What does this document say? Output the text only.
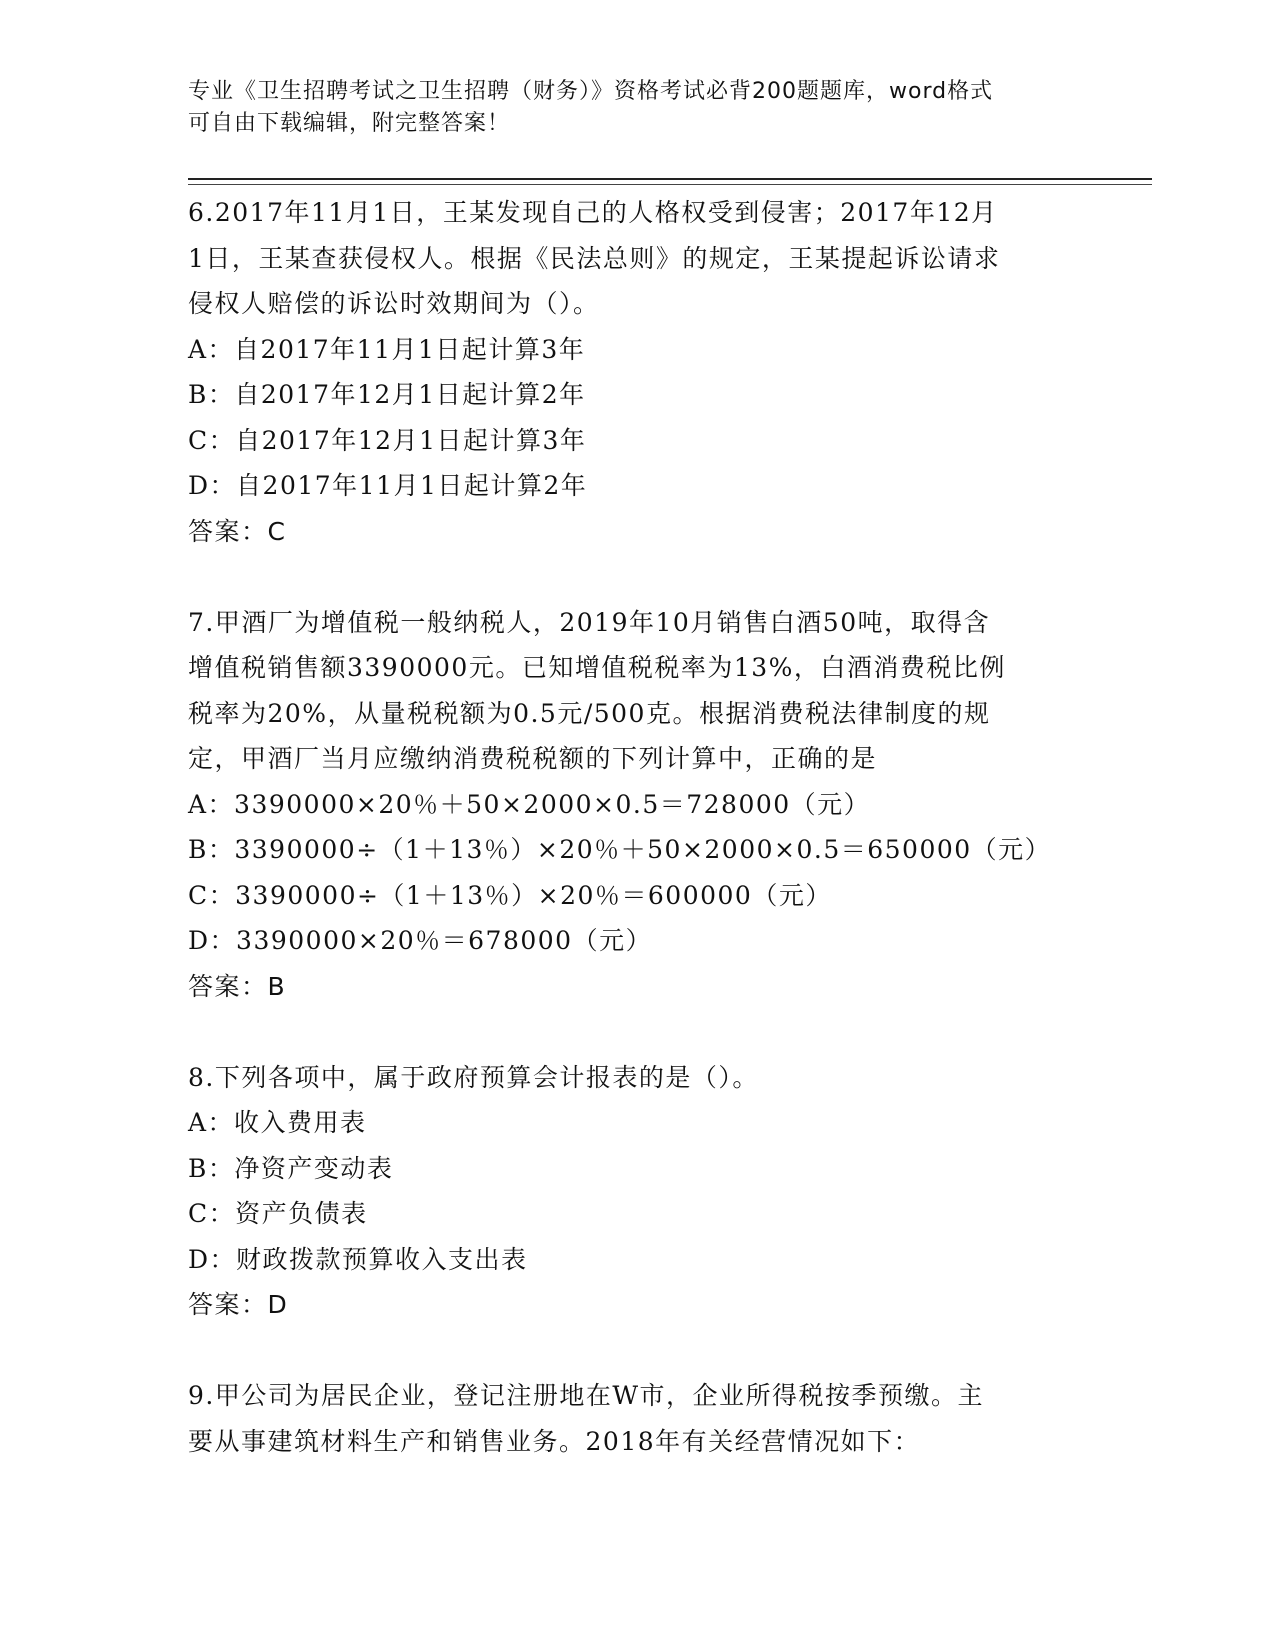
专业《卫生招聘考试之卫生招聘（财务）》资格考试必背200题题库，word格式
可自由下载编辑，附完整答案！

6.2017年11月1日，王某发现自己的人格权受到侵害；2017年12月

1日，王某查获侵权人。根据《民法总则》的规定，王某提起诉讼请求

侵权人赔偿的诉讼时效期间为（）。

A：自2017年11月1日起计算3年

B：自2017年12月1日起计算2年

C：自2017年12月1日起计算3年

D：自2017年11月1日起计算2年

答案：C

7.甲酒厂为增值税一般纳税人，2019年10月销售白酒50吨，取得含

增值税销售额3390000元。已知增值税税率为13%，白酒消费税比例

税率为20%，从量税税额为0.5元/500克。根据消费税法律制度的规

定，甲酒厂当月应缴纳消费税税额的下列计算中，正确的是

A：3390000×20％＋50×2000×0.5＝728000（元）

B：3390000÷（1＋13％）×20％＋50×2000×0.5＝650000（元）

C：3390000÷（1＋13％）×20％＝600000（元）

D：3390000×20％＝678000（元）

答案：B

8.下列各项中，属于政府预算会计报表的是（）。

A：收入费用表

B：净资产变动表

C：资产负债表

D：财政拨款预算收入支出表

答案：D

9.甲公司为居民企业，登记注册地在W市，企业所得税按季预缴。主

要从事建筑材料生产和销售业务。2018年有关经营情况如下：
